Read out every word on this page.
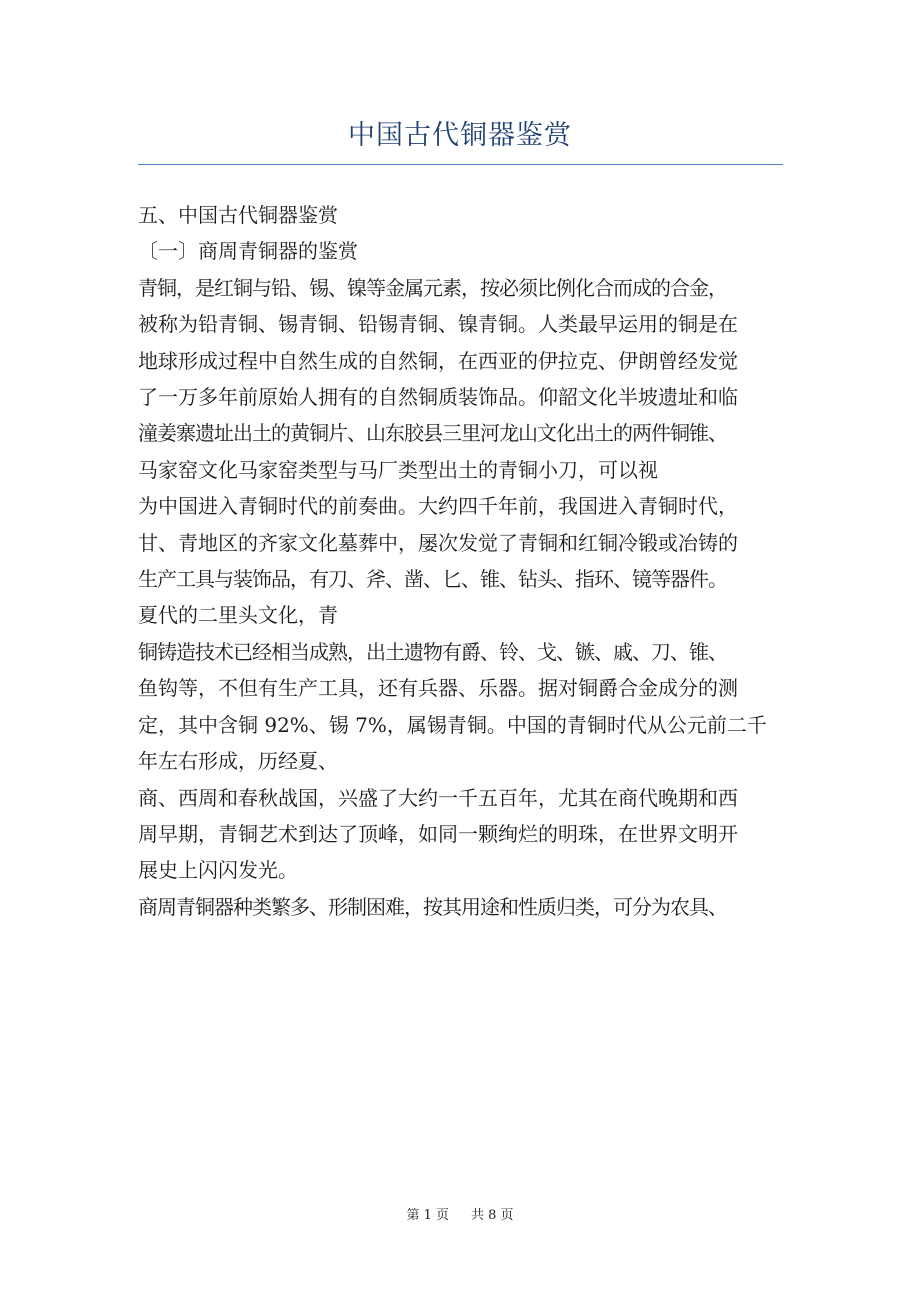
中国古代铜器鉴赏

五、中国古代铜器鉴赏

〔一〕商周青铜器的鉴赏

青铜，是红铜与铅、锡、镍等金属元素，按必须比例化合而成的合金，

被称为铅青铜、锡青铜、铅锡青铜、镍青铜。人类最早运用的铜是在

地球形成过程中自然生成的自然铜，在西亚的伊拉克、伊朗曾经发觉

了一万多年前原始人拥有的自然铜质装饰品。仰韶文化半坡遗址和临

潼姜寨遗址出土的黄铜片、山东胶县三里河龙山文化出土的两件铜锥、

马家窑文化马家窑类型与马厂类型出土的青铜小刀，可以视

为中国进入青铜时代的前奏曲。大约四千年前，我国进入青铜时代，

甘、青地区的齐家文化墓葬中，屡次发觉了青铜和红铜冷锻或冶铸的

生产工具与装饰品，有刀、斧、凿、匕、锥、钻头、指环、镜等器件。

夏代的二里头文化，青

铜铸造技术已经相当成熟，出土遗物有爵、铃、戈、镞、戚、刀、锥、

鱼钩等，不但有生产工具，还有兵器、乐器。据对铜爵合金成分的测

定，其中含铜 92%、锡 7%，属锡青铜。中国的青铜时代从公元前二千

年左右形成，历经夏、

商、西周和春秋战国，兴盛了大约一千五百年，尤其在商代晚期和西

周早期，青铜艺术到达了顶峰，如同一颗绚烂的明珠，在世界文明开

展史上闪闪发光。

商周青铜器种类繁多、形制困难，按其用途和性质归类，可分为农具、

第 1 页 共 8 页
